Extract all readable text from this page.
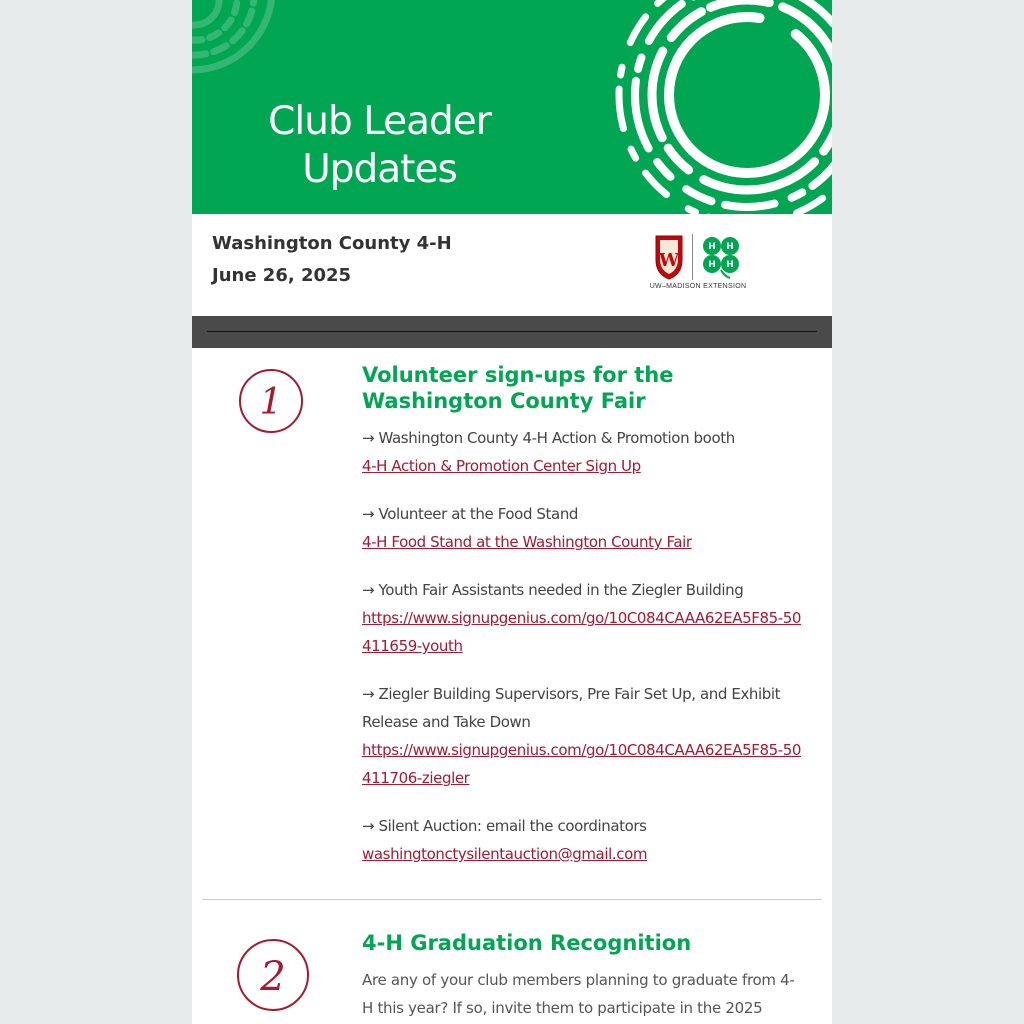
Club Leader
Updates

Washington County 4-H

June 26, 2025

W
H H
H H
UW–MADISON EXTENSION
1
Volunteer sign-ups for the Washington County Fair
→ Washington County 4-H Action & Promotion booth
4-H Action & Promotion Center Sign Up
→ Volunteer at the Food Stand
4-H Food Stand at the Washington County Fair
→ Youth Fair Assistants needed in the Ziegler Building
https://www.signupgenius.com/go/10C084CAAA62EA5F85-50411659-youth
→ Ziegler Building Supervisors, Pre Fair Set Up, and Exhibit Release and Take Down
https://www.signupgenius.com/go/10C084CAAA62EA5F85-50411706-ziegler
→ Silent Auction: email the coordinators
washingtonctysilentauction@gmail.com
2
4-H Graduation Recognition
Are any of your club members planning to graduate from 4-H this year? If so, invite them to participate in the 2025
